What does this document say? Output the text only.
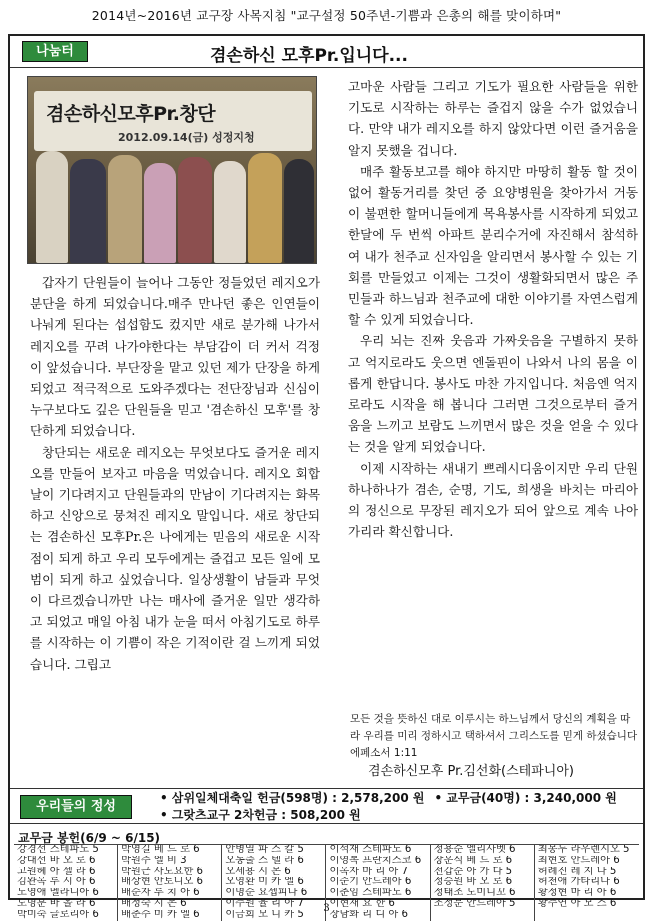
2014년~2016년 교구장 사목지침 "교구설정 50주년-기쁨과 은총의 해를 맞이하며"
나눔터	겸손하신 모후Pr.입니다...
겸손하신모후Pr.창단
2012.09.14(금) 성정지청

갑자기 단원들이 늘어나 그동안 정들었던 레지오가 분단을 하게 되었습니다.매주 만나던 좋은 인연들이 나눠게 된다는 섭섭함도 컸지만 새로 분가해 나가서 레지오를 꾸려 나가야한다는 부담감이 더 커서 걱정이 앞섰습니다. 부단장을 맡고 있던 제가 단장을 하게 되었고 적극적으로 도와주겠다는 전단장님과 신심이 누구보다도 깊은 단원들을 믿고 '겸손하신 모후'를 창단하게 되었습니다.

창단되는 새로운 레지오는 무엇보다도 즐거운 레지오를 만들어 보자고 마음을 먹었습니다. 레지오 회합날이 기다려지고 단원들과의 만남이 기다려지는 화목하고 신앙으로 뭉쳐진 레지오 말입니다. 새로 창단되는 겸손하신 모후Pr.은 나에게는 믿음의 새로운 시작점이 되게 하고 우리 모두에게는 즐겁고 모든 일에 모범이 되게 하고 싶었습니다. 일상생활이 남들과 무엇이 다르겠습니까만 나는 매사에 즐거운 일만 생각하고 되었고 매일 아침 내가 눈을 떠서 아침기도로 하루를 시작하는 이 기쁨이 작은 기적이란 걸 느끼게 되었습니다. 그립고

고마운 사람들 그리고 기도가 필요한 사람들을 위한 기도로 시작하는 하루는 즐겁지 않을 수가 없었습니다. 만약 내가 레지오를 하지 않았다면 이런 즐거움을 알지 못했을 겁니다.

매주 활동보고를 해야 하지만 마땅히 활동 할 것이 없어 활동거리를 찾던 중 요양병원을 찾아가서 거동이 불편한 할머니들에게 목욕봉사를 시작하게 되었고 한달에 두 번씩 아파트 분리수거에 자진해서 참석하여 내가 천주교 신자임을 알리면서 봉사할 수 있는 기회를 만들었고 이제는 그것이 생활화되면서 많은 주민들과 하느님과 천주교에 대한 이야기를 자연스럽게 할 수 있게 되었습니다.

우리 뇌는 진짜 웃음과 가짜웃음을 구별하지 못하고 억지로라도 웃으면 엔돌핀이 나와서 나의 몸을 이롭게 한답니다. 봉사도 마찬 가지입니다. 처음엔 억지로라도 시작을 해 봅니다 그러면 그것으로부터 즐거움을 느끼고 보람도 느끼면서 많은 것을 얻을 수 있다는 것을 알게 되었습니다.

이제 시작하는 새내기 쁘레시디움이지만 우리 단원 하나하나가 겸손, 순명, 기도, 희생을 바치는 마리아의 정신으로 무장된 레지오가 되어 앞으로 계속 나아가리라 확신합니다.

모든 것을 뜻하신 대로 이루시는 하느님께서 당신의 계획을 따라 우리를 미리 정하시고 택하셔서 그리스도를 믿게 하셨습니다 에페소서 1:11
겸손하신모후 Pr.김선화(스테파니아)
우리들의 정성
• 삼위일체대축일 헌금(598명) : 2,578,200 원 • 교무금(40명) : 3,240,000 원
• 그랏츠교구 2차헌금 : 508,200 원
교무금 봉헌(6/9 ~ 6/15)
강경선 스테파노 5
강대선 바 오 로 6
고원혜 아 셀 라 6
김완옥 루 시 아 6
노영애 멜라니아 6
도명분 바 올 라 6
박미숙 글로리아 6
박영길 베 드 로 6
박원주 엘 비 3
박원근 사도요한 6
배상현 안토니오 6
배순자 루 치 아 6
배정숙 시 몬 6
배춘수 미 카 엘 6
안병열 파 스 칼 5
오동출 스 텔 라 6
오세용 시 몬 6
오영환 미 카 엘 6
이명순 요셉피나 6
이주원 율 리 아 7
이금희 모 니 카 5
이석재 스테파노 6
이영복 프란치스코 6
이옥자 마 리 아 7
이준기 안드레아 6
이춘임 스테파노 6
이현재 요 한 6
장남화 리 디 아 6
정용순 엘리사벳 6
장운식 베 드 로 6
전갑순 아 가 다 5
정승원 바 오 로 6
정태조 도미니꼬 6
조정문 안드레아 5
최봉두 라우렌시오 5
최현호 안드레아 6
허례진 레 지 나 5
허천애 가타리나 6
황정현 마 리 아 6
황주연 아 모 스 6
3
